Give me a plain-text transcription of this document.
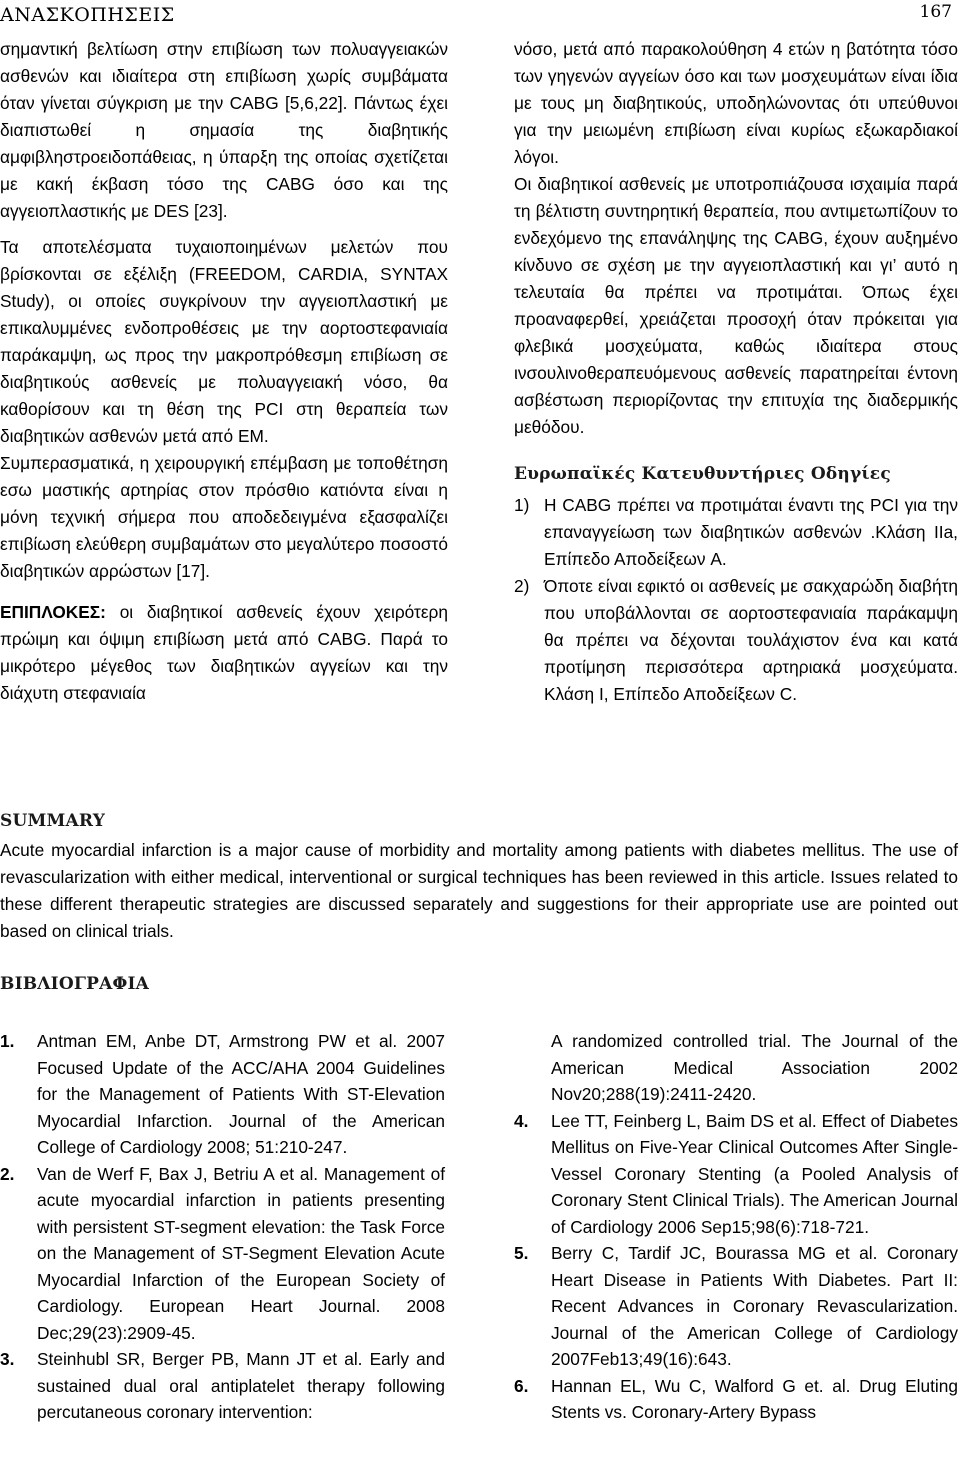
ΑΝΑΣΚΟΠΗΣΕΙΣ	167

σημαντική βελτίωση στην επιβίωση των πολυαγγειακών ασθενών και ιδιαίτερα στη επιβίωση χωρίς συμβάματα όταν γίνεται σύγκριση με την CABG [5,6,22]. Πάντως έχει διαπιστωθεί η σημασία της διαβητικής αμφιβληστροειδοπάθειας, η ύπαρξη της οποίας σχετίζεται με κακή έκβαση τόσο της CABG όσο και της αγγειοπλαστικής με DES [23].

Τα αποτελέσματα τυχαιοποιημένων μελετών που βρίσκονται σε εξέλιξη (FREEDOM, CARDIA, SYNTAX Study), οι οποίες συγκρίνουν την αγγειοπλαστική με επικαλυμμένες ενδοπροθέσεις με την αορτοστεφανιαία παράκαμψη, ως προς την μακροπρόθεσμη επιβίωση σε διαβητικούς ασθενείς με πολυαγγειακή νόσο, θα καθορίσουν και τη θέση της PCI στη θεραπεία των διαβητικών ασθενών μετά από ΕΜ.

Συμπερασματικά, η χειρουργική επέμβαση με τοποθέτηση εσω μαστικής αρτηρίας στον πρόσθιο κατιόντα είναι η μόνη τεχνική σήμερα που αποδεδειγμένα εξασφαλίζει επιβίωση ελεύθερη συμβαμάτων στο μεγαλύτερο ποσοστό διαβητικών αρρώστων [17].

ΕΠΙΠΛΟΚΕΣ: οι διαβητικοί ασθενείς έχουν χειρότερη πρώιμη και όψιμη επιβίωση μετά από CABG. Παρά το μικρότερο μέγεθος των διαβητικών αγγείων και την διάχυτη στεφανιαία

νόσο, μετά από παρακολούθηση 4 ετών η βατότητα τόσο των γηγενών αγγείων όσο και των μοσχευμάτων είναι ίδια με τους μη διαβητικούς, υποδηλώνοντας ότι υπεύθυνοι για την μειωμένη επιβίωση είναι κυρίως εξωκαρδιακοί λόγοι.

Οι διαβητικοί ασθενείς με υποτροπιάζουσα ισχαιμία παρά τη βέλτιστη συντηρητική θεραπεία, που αντιμετωπίζουν το ενδεχόμενο της επανάληψης της CABG, έχουν αυξημένο κίνδυνο σε σχέση με την αγγειοπλαστική και γι’ αυτό η τελευταία θα πρέπει να προτιμάται. Όπως έχει προαναφερθεί, χρειάζεται προσοχή όταν πρόκειται για φλεβικά μοσχεύματα, καθώς ιδιαίτερα στους ινσουλινοθεραπευόμενους ασθενείς παρατηρείται έντονη ασβέστωση περιορίζοντας την επιτυχία της διαδερμικής μεθόδου.

Ευρωπαϊκές Κατευθυντήριες Οδηγίες
1) Η CABG πρέπει να προτιμάται έναντι της PCI για την επαναγγείωση των διαβητικών ασθενών .Κλάση IIa, Επίπεδο Αποδείξεων A.
2) Όποτε είναι εφικτό οι ασθενείς με σακχαρώδη διαβήτη που υποβάλλονται σε αορτοστεφανιαία παράκαμψη θα πρέπει να δέχονται τουλάχιστον ένα και κατά προτίμηση περισσότερα αρτηριακά μοσχεύματα. Κλάση I, Επίπεδο Αποδείξεων C.
SUMMARY

Acute myocardial infarction is a major cause of morbidity and mortality among patients with diabetes mellitus. The use of revascularization with either medical, interventional or surgical techniques has been reviewed in this article. Issues related to these different therapeutic strategies are discussed separately and suggestions for their appropriate use are pointed out based on clinical trials.

ΒΙΒΛΙΟΓΡΑΦΙΑ

1. Antman EM, Anbe DT, Armstrong PW et al. 2007 Focused Update of the ACC/AHA 2004 Guidelines for the Management of Patients With ST-Elevation Myocardial Infarction. Journal of the American College of Cardiology 2008; 51:210-247.

2. Van de Werf F, Bax J, Betriu A et al. Management of acute myocardial infarction in patients presenting with persistent ST-segment elevation: the Task Force on the Management of ST-Segment Elevation Acute Myocardial Infarction of the European Society of Cardiology. European Heart Journal. 2008 Dec;29(23):2909-45.

3. Steinhubl SR, Berger PB, Mann JT et al. Early and sustained dual oral antiplatelet therapy following percutaneous coronary intervention:

A randomized controlled trial. The Journal of the American Medical Association 2002 Nov20;288(19):2411-2420.

4. Lee TT, Feinberg L, Baim DS et al. Effect of Diabetes Mellitus on Five-Year Clinical Outcomes After Single-Vessel Coronary Stenting (a Pooled Analysis of Coronary Stent Clinical Trials). The American Journal of Cardiology 2006 Sep15;98(6):718-721.

5. Berry C, Tardif JC, Bourassa MG et al. Coronary Heart Disease in Patients With Diabetes. Part II: Recent Advances in Coronary Revascularization. Journal of the American College of Cardiology 2007Feb13;49(16):643.

6. Hannan EL, Wu C, Walford G et. al. Drug Eluting Stents vs. Coronary-Artery Bypass
